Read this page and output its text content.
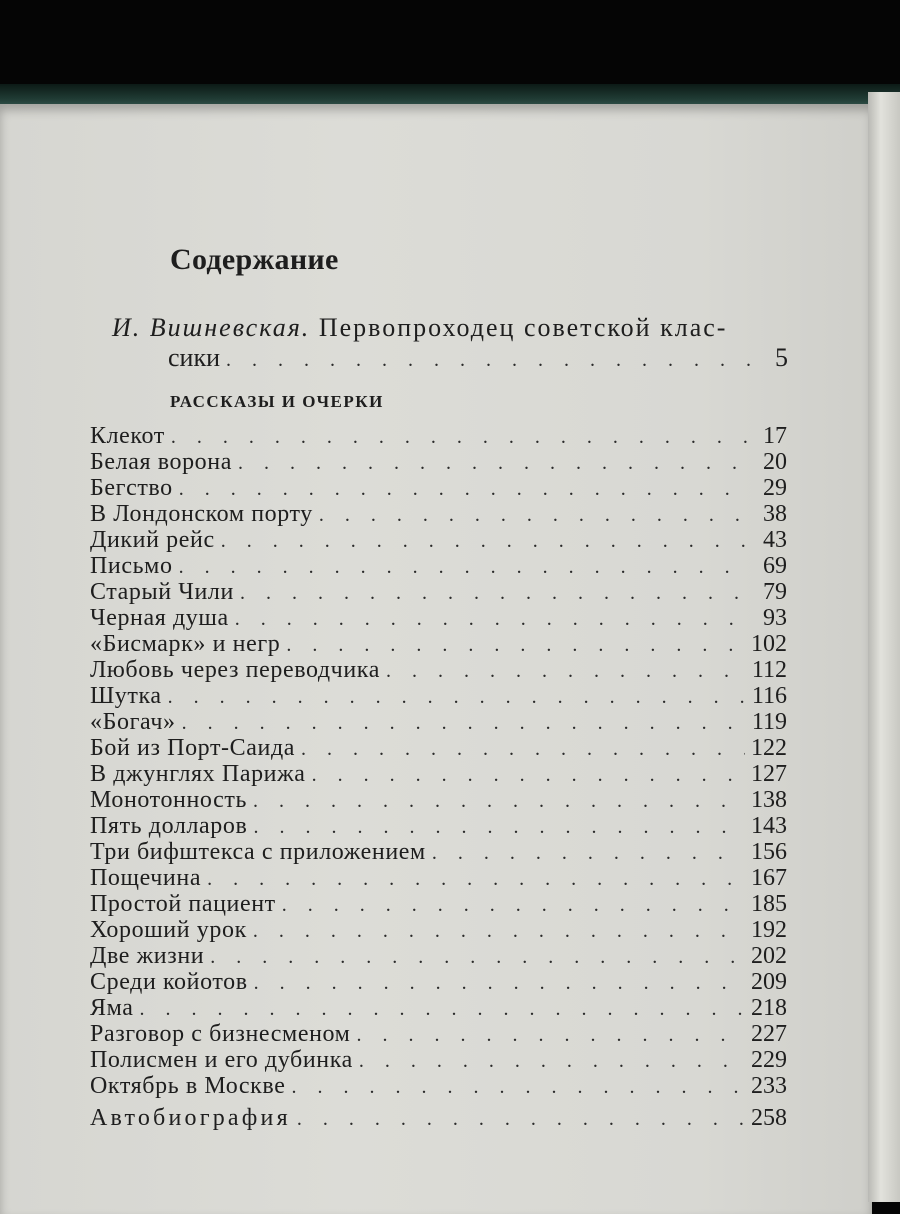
Содержание
И. Вишневская. Первопроходец советской клас-
сики . . .	5
РАССКАЗЫ И ОЧЕРКИ
Клекот . . .	17
Белая ворона . . .	20
Бегство . . .	29
В Лондонском порту . . .	38
Дикий рейс . . .	43
Письмо . . .	69
Старый Чили . . .	79
Черная душа . . .	93
«Бисмарк» и негр . . .	102
Любовь через переводчика . . .	112
Шутка . . .	116
«Богач» . . .	119
Бой из Порт-Саида . . .	122
В джунглях Парижа . . .	127
Монотонность . . .	138
Пять долларов . . .	143
Три бифштекса с приложением . . .	156
Пощечина . . .	167
Простой пациент . . .	185
Хороший урок . . .	192
Две жизни . . .	202
Среди койотов . . .	209
Яма . . .	218
Разговор с бизнесменом . . .	227
Полисмен и его дубинка . . .	229
Октябрь в Москве . . .	233
Автобиография . . .	258
